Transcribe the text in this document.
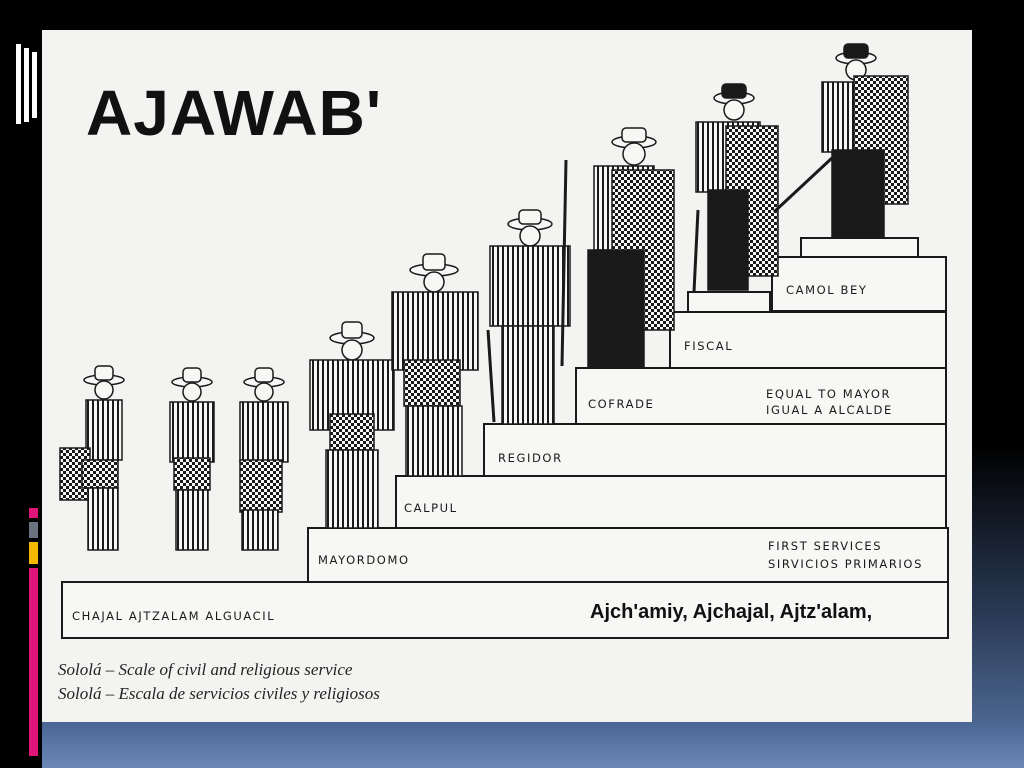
AJAWAB'
CHAJAL AJTZALAM ALGUACIL	Ajch'amiy, Ajchajal, Ajtz'alam,
MAYORDOMO
FIRST SERVICES
SIRVICIOS PRIMARIOS
CALPUL
REGIDOR
COFRADE
EQUAL TO MAYOR
IGUAL A ALCALDE
FISCAL
CAMOL BEY

Sololá – Scale of civil and religious service

Sololá – Escala de servicios civiles y religiosos
